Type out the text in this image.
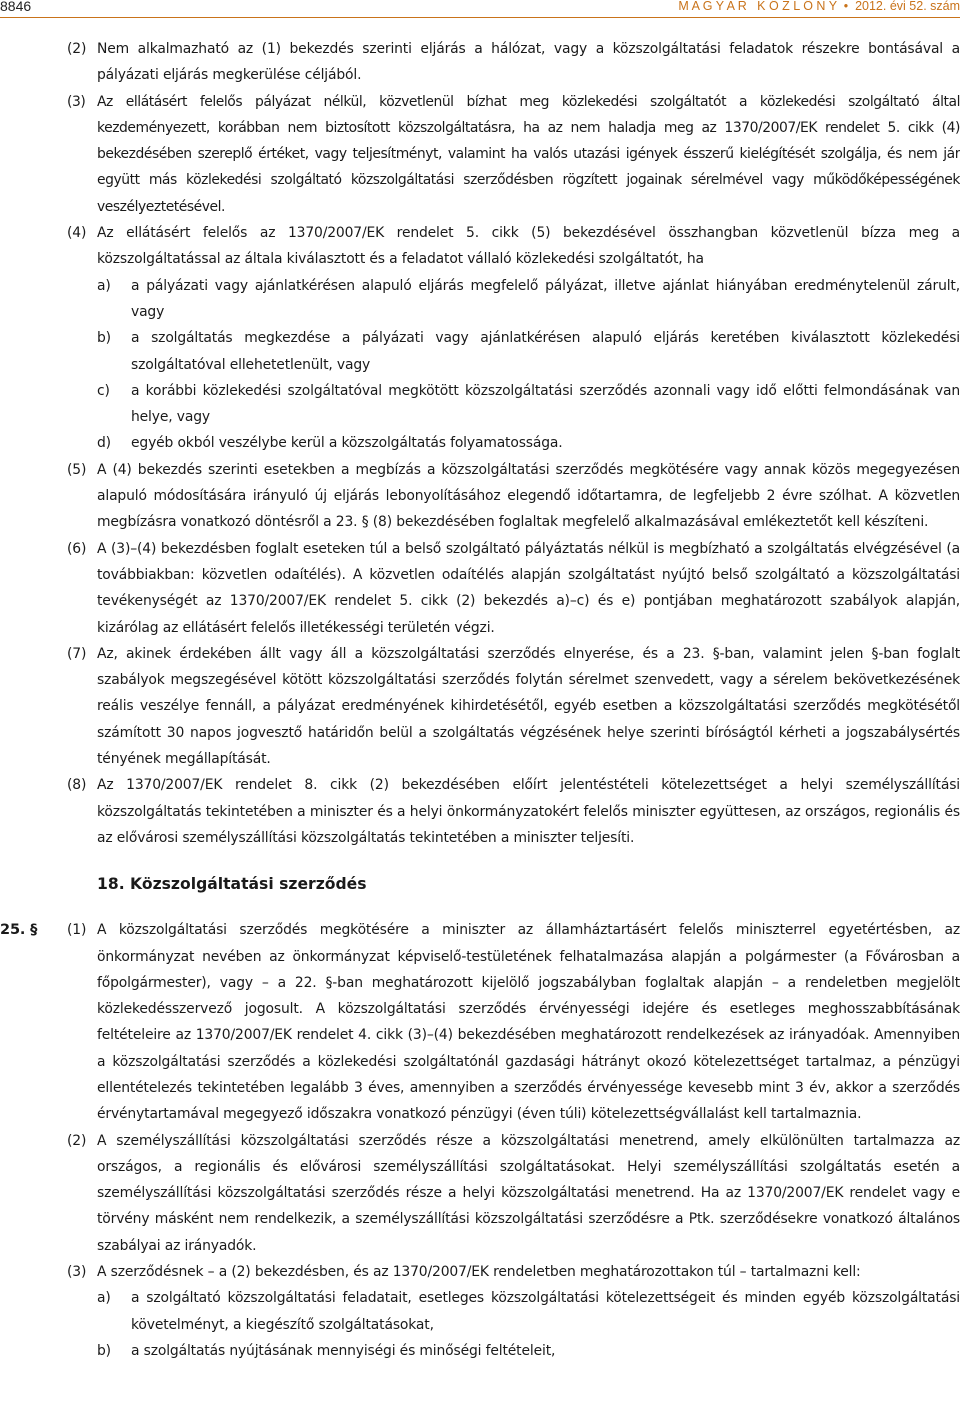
8846	M A G Y A R   K Ö Z L Ö N Y  •  2012. évi 52. szám
(2) Nem alkalmazható az (1) bekezdés szerinti eljárás a hálózat, vagy a közszolgáltatási feladatok részekre bontásával a pályázati eljárás megkerülése céljából.
(3) Az ellátásért felelős pályázat nélkül, közvetlenül bízhat meg közlekedési szolgáltatót a közlekedési szolgáltató által kezdeményezett, korábban nem biztosított közszolgáltatásra, ha az nem haladja meg az 1370/2007/EK rendelet 5. cikk (4) bekezdésében szereplő értéket, vagy teljesítményt, valamint ha valós utazási igények ésszerű kielégítését szolgálja, és nem jár együtt más közlekedési szolgáltató közszolgáltatási szerződésben rögzített jogainak sérelmével vagy működőképességének veszélyeztetésével.
(4) Az ellátásért felelős az 1370/2007/EK rendelet 5. cikk (5) bekezdésével összhangban közvetlenül bízza meg a közszolgáltatással az általa kiválasztott és a feladatot vállaló közlekedési szolgáltatót, ha
a) a pályázati vagy ajánlatkérésen alapuló eljárás megfelelő pályázat, illetve ajánlat hiányában eredménytelenül zárult, vagy
b) a szolgáltatás megkezdése a pályázati vagy ajánlatkérésen alapuló eljárás keretében kiválasztott közlekedési szolgáltatóval ellehetetlenült, vagy
c) a korábbi közlekedési szolgáltatóval megkötött közszolgáltatási szerződés azonnali vagy idő előtti felmondásának van helye, vagy
d) egyéb okból veszélybe kerül a közszolgáltatás folyamatossága.
(5) A (4) bekezdés szerinti esetekben a megbízás a közszolgáltatási szerződés megkötésére vagy annak közös megegyezésen alapuló módosítására irányuló új eljárás lebonyolításához elegendő időtartamra, de legfeljebb 2 évre szólhat. A közvetlen megbízásra vonatkozó döntésről a 23. § (8) bekezdésében foglaltak megfelelő alkalmazásával emlékeztetőt kell készíteni.
(6) A (3)–(4) bekezdésben foglalt eseteken túl a belső szolgáltató pályáztatás nélkül is megbízható a szolgáltatás elvégzésével (a továbbiakban: közvetlen odaítélés). A közvetlen odaítélés alapján szolgáltatást nyújtó belső szolgáltató a közszolgáltatási tevékenységét az 1370/2007/EK rendelet 5. cikk (2) bekezdés a)–c) és e) pontjában meghatározott szabályok alapján, kizárólag az ellátásért felelős illetékességi területén végzi.
(7) Az, akinek érdekében állt vagy áll a közszolgáltatási szerződés elnyerése, és a 23. §-ban, valamint jelen §-ban foglalt szabályok megszegésével kötött közszolgáltatási szerződés folytán sérelmet szenvedett, vagy a sérelem bekövetkezésének reális veszélye fennáll, a pályázat eredményének kihirdetésétől, egyéb esetben a közszolgáltatási szerződés megkötésétől számított 30 napos jogvesztő határidőn belül a szolgáltatás végzésének helye szerinti bíróságtól kérheti a jogszabálysértés tényének megállapítását.
(8) Az 1370/2007/EK rendelet 8. cikk (2) bekezdésében előírt jelentéstételi kötelezettséget a helyi személyszállítási közszolgáltatás tekintetében a miniszter és a helyi önkormányzatokért felelős miniszter együttesen, az országos, regionális és az elővárosi személyszállítási közszolgáltatás tekintetében a miniszter teljesíti.
18. Közszolgáltatási szerződés
25. § (1) A közszolgáltatási szerződés megkötésére a miniszter az államháztartásért felelős miniszterrel egyetértésben, az önkormányzat nevében az önkormányzat képviselő-testületének felhatalmazása alapján a polgármester (a Fővárosban a főpolgármester), vagy – a 22. §-ban meghatározott kijelölő jogszabályban foglaltak alapján – a rendeletben megjelölt közlekedésszervező jogosult. A közszolgáltatási szerződés érvényességi idejére és esetleges meghosszabbításának feltételeire az 1370/2007/EK rendelet 4. cikk (3)–(4) bekezdésében meghatározott rendelkezések az irányadóak. Amennyiben a közszolgáltatási szerződés a közlekedési szolgáltatónál gazdasági hátrányt okozó kötelezettséget tartalmaz, a pénzügyi ellentételezés tekintetében legalább 3 éves, amennyiben a szerződés érvényessége kevesebb mint 3 év, akkor a szerződés érvénytartamával megegyező időszakra vonatkozó pénzügyi (éven túli) kötelezettségvállalást kell tartalmaznia.
(2) A személyszállítási közszolgáltatási szerződés része a közszolgáltatási menetrend, amely elkülönülten tartalmazza az országos, a regionális és elővárosi személyszállítási szolgáltatásokat. Helyi személyszállítási szolgáltatás esetén a személyszállítási közszolgáltatási szerződés része a helyi közszolgáltatási menetrend. Ha az 1370/2007/EK rendelet vagy e törvény másként nem rendelkezik, a személyszállítási közszolgáltatási szerződésre a Ptk. szerződésekre vonatkozó általános szabályai az irányadók.
(3) A szerződésnek – a (2) bekezdésben, és az 1370/2007/EK rendeletben meghatározottakon túl – tartalmazni kell:
a) a szolgáltató közszolgáltatási feladatait, esetleges közszolgáltatási kötelezettségeit és minden egyéb közszolgáltatási követelményt, a kiegészítő szolgáltatásokat,
b) a szolgáltatás nyújtásának mennyiségi és minőségi feltételeit,
